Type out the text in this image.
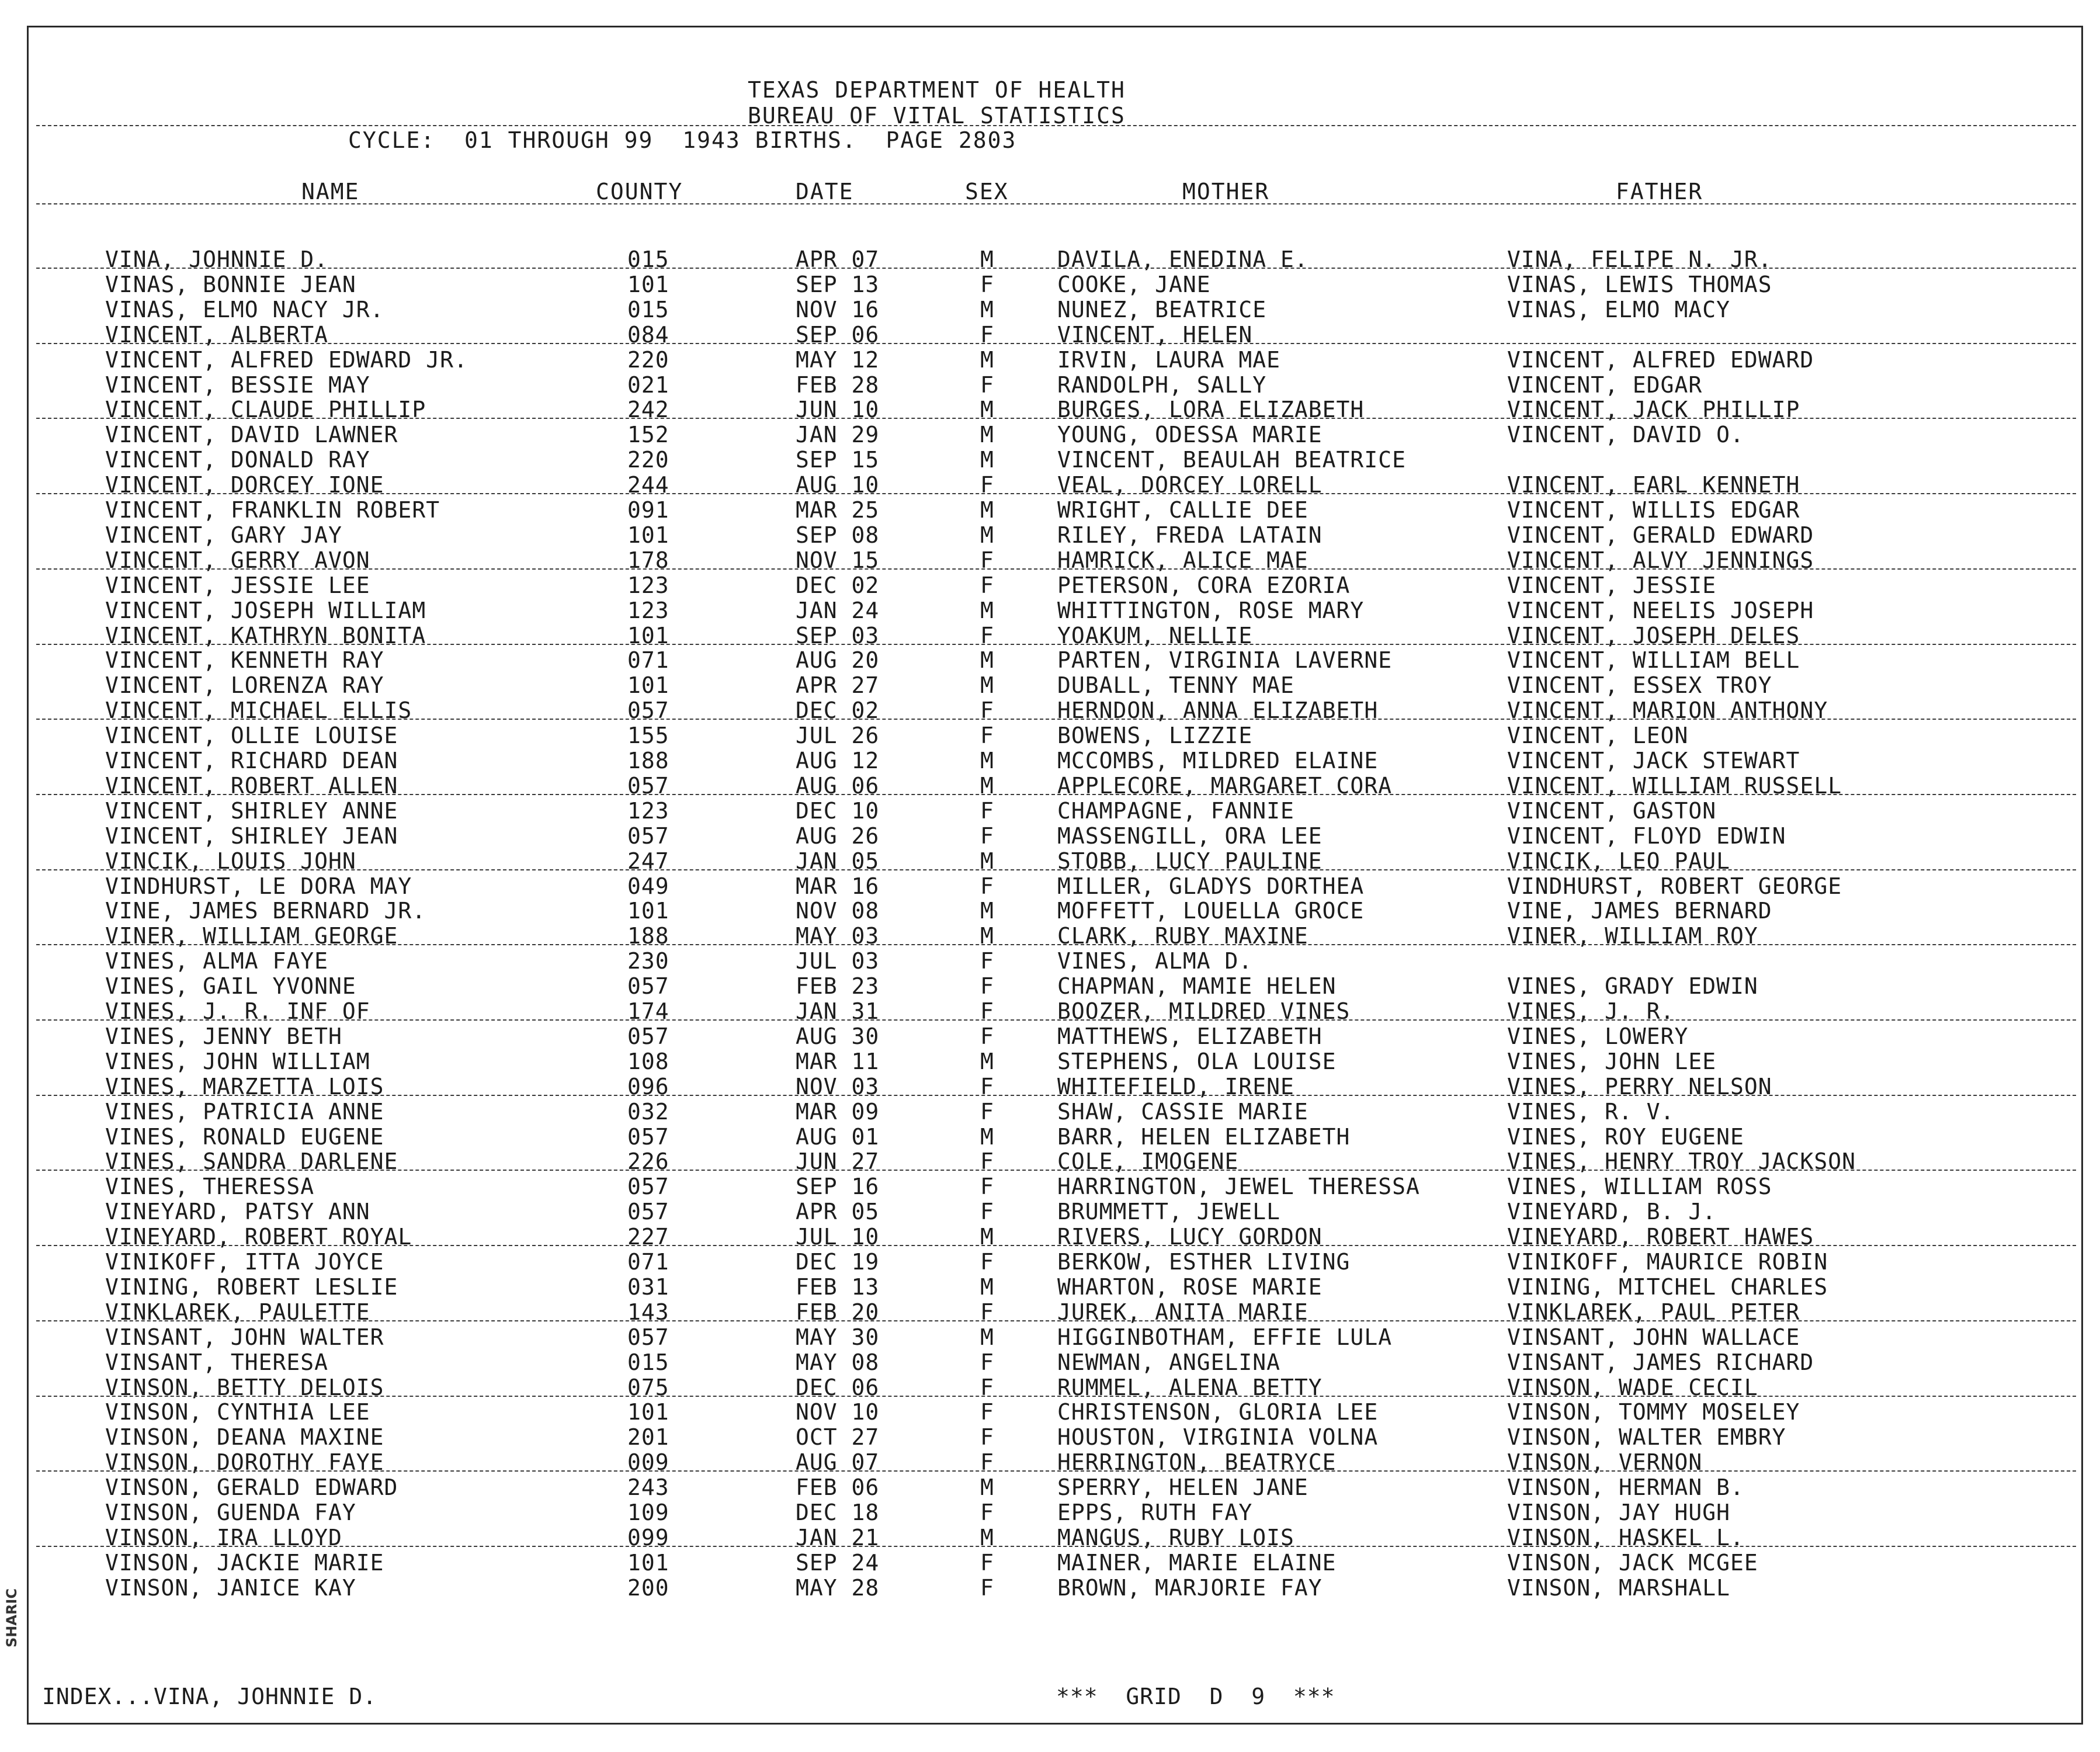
TEXAS DEPARTMENT OF HEALTH
BUREAU OF VITAL STATISTICS
CYCLE:  01 THROUGH 99  1943 BIRTHS.  PAGE 2803
NAME	COUNTY	DATE	SEX	MOTHER	FATHER
VINA, JOHNNIE D.	015	APR 07	M	DAVILA, ENEDINA E.	VINA, FELIPE N. JR.
VINAS, BONNIE JEAN	101	SEP 13	F	COOKE, JANE	VINAS, LEWIS THOMAS
VINAS, ELMO NACY JR.	015	NOV 16	M	NUNEZ, BEATRICE	VINAS, ELMO MACY
VINCENT, ALBERTA	084	SEP 06	F	VINCENT, HELEN
VINCENT, ALFRED EDWARD JR.	220	MAY 12	M	IRVIN, LAURA MAE	VINCENT, ALFRED EDWARD
VINCENT, BESSIE MAY	021	FEB 28	F	RANDOLPH, SALLY	VINCENT, EDGAR
VINCENT, CLAUDE PHILLIP	242	JUN 10	M	BURGES, LORA ELIZABETH	VINCENT, JACK PHILLIP
VINCENT, DAVID LAWNER	152	JAN 29	M	YOUNG, ODESSA MARIE	VINCENT, DAVID O.
VINCENT, DONALD RAY	220	SEP 15	M	VINCENT, BEAULAH BEATRICE
VINCENT, DORCEY IONE	244	AUG 10	F	VEAL, DORCEY LORELL	VINCENT, EARL KENNETH
VINCENT, FRANKLIN ROBERT	091	MAR 25	M	WRIGHT, CALLIE DEE	VINCENT, WILLIS EDGAR
VINCENT, GARY JAY	101	SEP 08	M	RILEY, FREDA LATAIN	VINCENT, GERALD EDWARD
VINCENT, GERRY AVON	178	NOV 15	F	HAMRICK, ALICE MAE	VINCENT, ALVY JENNINGS
VINCENT, JESSIE LEE	123	DEC 02	F	PETERSON, CORA EZORIA	VINCENT, JESSIE
VINCENT, JOSEPH WILLIAM	123	JAN 24	M	WHITTINGTON, ROSE MARY	VINCENT, NEELIS JOSEPH
VINCENT, KATHRYN BONITA	101	SEP 03	F	YOAKUM, NELLIE	VINCENT, JOSEPH DELES
VINCENT, KENNETH RAY	071	AUG 20	M	PARTEN, VIRGINIA LAVERNE	VINCENT, WILLIAM BELL
VINCENT, LORENZA RAY	101	APR 27	M	DUBALL, TENNY MAE	VINCENT, ESSEX TROY
VINCENT, MICHAEL ELLIS	057	DEC 02	F	HERNDON, ANNA ELIZABETH	VINCENT, MARION ANTHONY
VINCENT, OLLIE LOUISE	155	JUL 26	F	BOWENS, LIZZIE	VINCENT, LEON
VINCENT, RICHARD DEAN	188	AUG 12	M	MCCOMBS, MILDRED ELAINE	VINCENT, JACK STEWART
VINCENT, ROBERT ALLEN	057	AUG 06	M	APPLECORE, MARGARET CORA	VINCENT, WILLIAM RUSSELL
VINCENT, SHIRLEY ANNE	123	DEC 10	F	CHAMPAGNE, FANNIE	VINCENT, GASTON
VINCENT, SHIRLEY JEAN	057	AUG 26	F	MASSENGILL, ORA LEE	VINCENT, FLOYD EDWIN
VINCIK, LOUIS JOHN	247	JAN 05	M	STOBB, LUCY PAULINE	VINCIK, LEO PAUL
VINDHURST, LE DORA MAY	049	MAR 16	F	MILLER, GLADYS DORTHEA	VINDHURST, ROBERT GEORGE
VINE, JAMES BERNARD JR.	101	NOV 08	M	MOFFETT, LOUELLA GROCE	VINE, JAMES BERNARD
VINER, WILLIAM GEORGE	188	MAY 03	M	CLARK, RUBY MAXINE	VINER, WILLIAM ROY
VINES, ALMA FAYE	230	JUL 03	F	VINES, ALMA D.
VINES, GAIL YVONNE	057	FEB 23	F	CHAPMAN, MAMIE HELEN	VINES, GRADY EDWIN
VINES, J. R. INF OF	174	JAN 31	F	BOOZER, MILDRED VINES	VINES, J. R.
VINES, JENNY BETH	057	AUG 30	F	MATTHEWS, ELIZABETH	VINES, LOWERY
VINES, JOHN WILLIAM	108	MAR 11	M	STEPHENS, OLA LOUISE	VINES, JOHN LEE
VINES, MARZETTA LOIS	096	NOV 03	F	WHITEFIELD, IRENE	VINES, PERRY NELSON
VINES, PATRICIA ANNE	032	MAR 09	F	SHAW, CASSIE MARIE	VINES, R. V.
VINES, RONALD EUGENE	057	AUG 01	M	BARR, HELEN ELIZABETH	VINES, ROY EUGENE
VINES, SANDRA DARLENE	226	JUN 27	F	COLE, IMOGENE	VINES, HENRY TROY JACKSON
VINES, THERESSA	057	SEP 16	F	HARRINGTON, JEWEL THERESSA	VINES, WILLIAM ROSS
VINEYARD, PATSY ANN	057	APR 05	F	BRUMMETT, JEWELL	VINEYARD, B. J.
VINEYARD, ROBERT ROYAL	227	JUL 10	M	RIVERS, LUCY GORDON	VINEYARD, ROBERT HAWES
VINIKOFF, ITTA JOYCE	071	DEC 19	F	BERKOW, ESTHER LIVING	VINIKOFF, MAURICE ROBIN
VINING, ROBERT LESLIE	031	FEB 13	M	WHARTON, ROSE MARIE	VINING, MITCHEL CHARLES
VINKLAREK, PAULETTE	143	FEB 20	F	JUREK, ANITA MARIE	VINKLAREK, PAUL PETER
VINSANT, JOHN WALTER	057	MAY 30	M	HIGGINBOTHAM, EFFIE LULA	VINSANT, JOHN WALLACE
VINSANT, THERESA	015	MAY 08	F	NEWMAN, ANGELINA	VINSANT, JAMES RICHARD
VINSON, BETTY DELOIS	075	DEC 06	F	RUMMEL, ALENA BETTY	VINSON, WADE CECIL
VINSON, CYNTHIA LEE	101	NOV 10	F	CHRISTENSON, GLORIA LEE	VINSON, TOMMY MOSELEY
VINSON, DEANA MAXINE	201	OCT 27	F	HOUSTON, VIRGINIA VOLNA	VINSON, WALTER EMBRY
VINSON, DOROTHY FAYE	009	AUG 07	F	HERRINGTON, BEATRYCE	VINSON, VERNON
VINSON, GERALD EDWARD	243	FEB 06	M	SPERRY, HELEN JANE	VINSON, HERMAN B.
VINSON, GUENDA FAY	109	DEC 18	F	EPPS, RUTH FAY	VINSON, JAY HUGH
VINSON, IRA LLOYD	099	JAN 21	M	MANGUS, RUBY LOIS	VINSON, HASKEL L.
VINSON, JACKIE MARIE	101	SEP 24	F	MAINER, MARIE ELAINE	VINSON, JACK MCGEE
VINSON, JANICE KAY	200	MAY 28	F	BROWN, MARJORIE FAY	VINSON, MARSHALL
INDEX...VINA, JOHNNIE D.	***  GRID  D  9  ***
SHARIC
